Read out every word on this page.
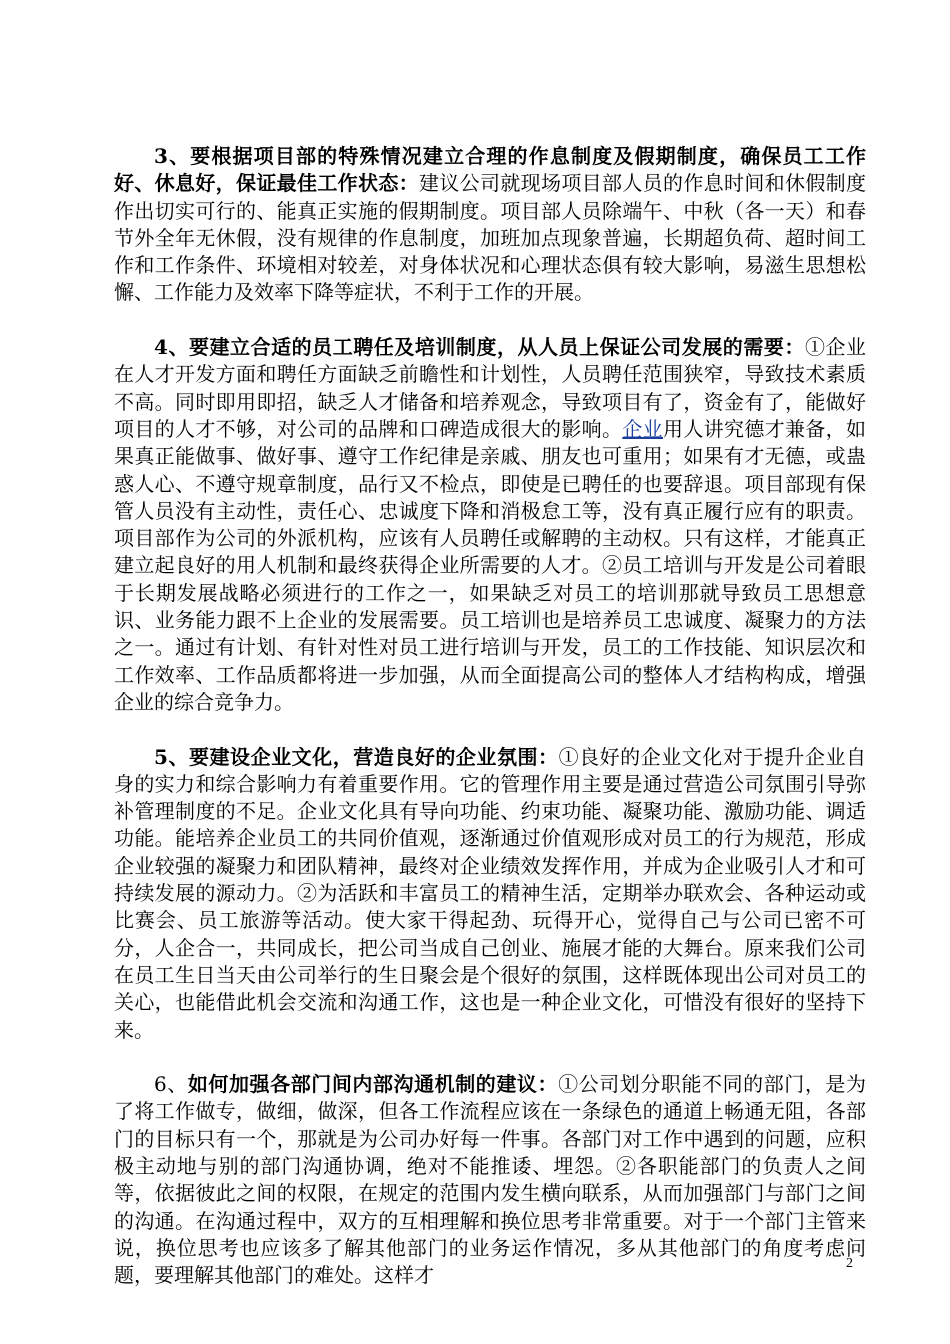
3、要根据项目部的特殊情况建立合理的作息制度及假期制度，确保员工工作好、休息好，保证最佳工作状态：建议公司就现场项目部人员的作息时间和休假制度作出切实可行的、能真正实施的假期制度。项目部人员除端午、中秋（各一天）和春节外全年无休假，没有规律的作息制度，加班加点现象普遍，长期超负荷、超时间工作和工作条件、环境相对较差，对身体状况和心理状态俱有较大影响，易滋生思想松懈、工作能力及效率下降等症状，不利于工作的开展。

4、要建立合适的员工聘任及培训制度，从人员上保证公司发展的需要：①企业在人才开发方面和聘任方面缺乏前瞻性和计划性，人员聘任范围狭窄，导致技术素质不高。同时即用即招，缺乏人才储备和培养观念，导致项目有了，资金有了，能做好项目的人才不够，对公司的品牌和口碑造成很大的影响。企业用人讲究德才兼备，如果真正能做事、做好事、遵守工作纪律是亲戚、朋友也可重用；如果有才无德，或蛊惑人心、不遵守规章制度，品行又不检点，即使是已聘任的也要辞退。项目部现有保管人员没有主动性，责任心、忠诚度下降和消极怠工等，没有真正履行应有的职责。项目部作为公司的外派机构，应该有人员聘任或解聘的主动权。只有这样，才能真正建立起良好的用人机制和最终获得企业所需要的人才。②员工培训与开发是公司着眼于长期发展战略必须进行的工作之一，如果缺乏对员工的培训那就导致员工思想意识、业务能力跟不上企业的发展需要。员工培训也是培养员工忠诚度、凝聚力的方法之一。通过有计划、有针对性对员工进行培训与开发，员工的工作技能、知识层次和工作效率、工作品质都将进一步加强，从而全面提高公司的整体人才结构构成，增强企业的综合竞争力。

5、要建设企业文化，营造良好的企业氛围：①良好的企业文化对于提升企业自身的实力和综合影响力有着重要作用。它的管理作用主要是通过营造公司氛围引导弥补管理制度的不足。企业文化具有导向功能、约束功能、凝聚功能、激励功能、调适功能。能培养企业员工的共同价值观，逐渐通过价值观形成对员工的行为规范，形成企业较强的凝聚力和团队精神，最终对企业绩效发挥作用，并成为企业吸引人才和可持续发展的源动力。②为活跃和丰富员工的精神生活，定期举办联欢会、各种运动或比赛会、员工旅游等活动。使大家干得起劲、玩得开心，觉得自己与公司已密不可分，人企合一，共同成长，把公司当成自己创业、施展才能的大舞台。原来我们公司在员工生日当天由公司举行的生日聚会是个很好的氛围，这样既体现出公司对员工的关心，也能借此机会交流和沟通工作，这也是一种企业文化，可惜没有很好的坚持下来。

6、如何加强各部门间内部沟通机制的建议：①公司划分职能不同的部门，是为了将工作做专，做细，做深，但各工作流程应该在一条绿色的通道上畅通无阻，各部门的目标只有一个，那就是为公司办好每一件事。各部门对工作中遇到的问题，应积极主动地与别的部门沟通协调，绝对不能推诿、埋怨。②各职能部门的负责人之间等，依据彼此之间的权限，在规定的范围内发生横向联系，从而加强部门与部门之间的沟通。在沟通过程中，双方的互相理解和换位思考非常重要。对于一个部门主管来说，换位思考也应该多了解其他部门的业务运作情况，多从其他部门的角度考虑问题，要理解其他部门的难处。这样才	2
